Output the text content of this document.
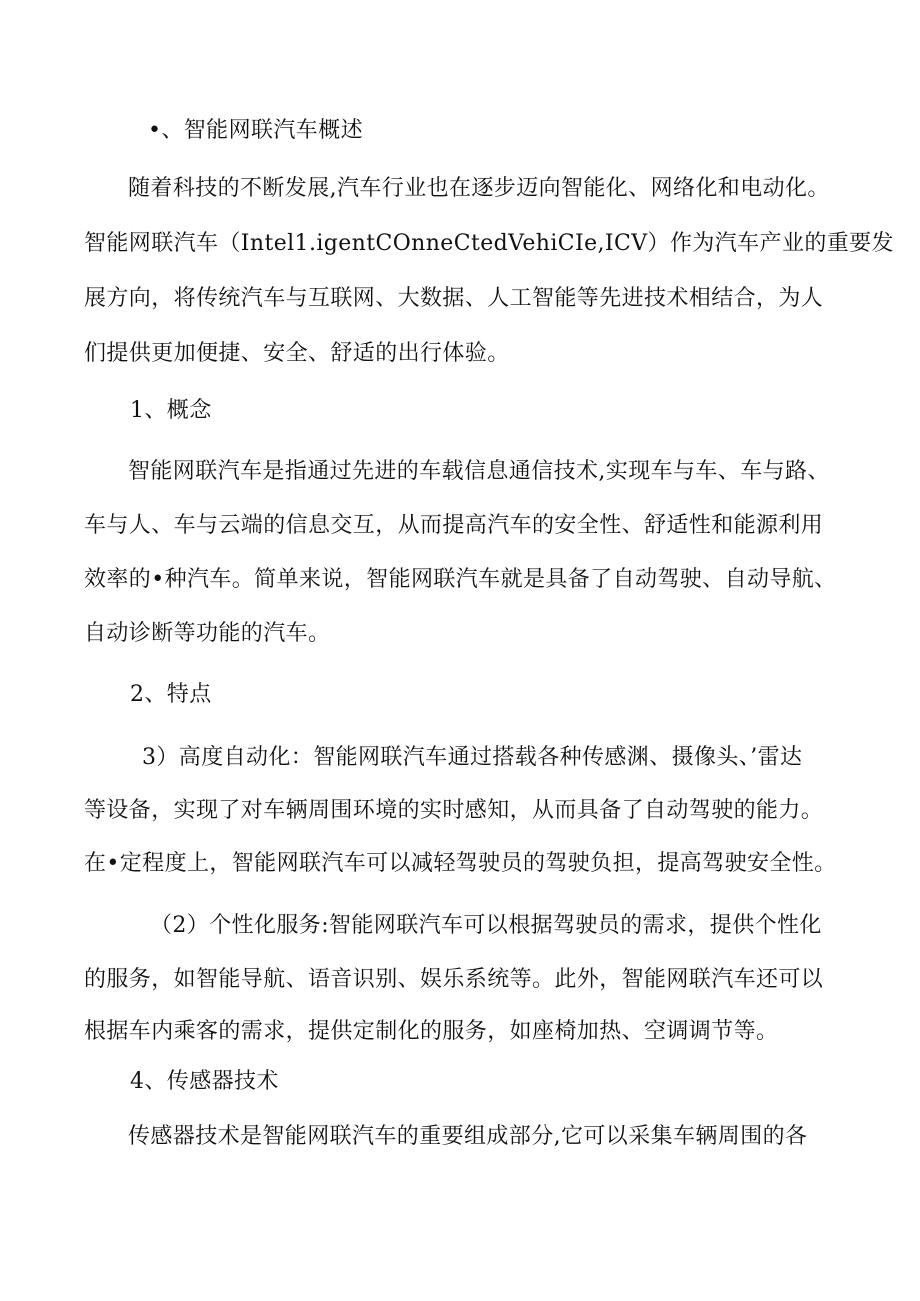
•、智能网联汽车概述
随着科技的不断发展,汽车行业也在逐步迈向智能化、网络化和电动化。
智能网联汽车（Intel1.igentCOnneCtedVehiCIe,ICV）作为汽车产业的重要发
展方向，将传统汽车与互联网、大数据、人工智能等先进技术相结合，为人
们提供更加便捷、安全、舒适的出行体验。
1、概念
智能网联汽车是指通过先进的车载信息通信技术,实现车与车、车与路、
车与人、车与云端的信息交互，从而提高汽车的安全性、舒适性和能源利用
效率的•种汽车。简单来说，智能网联汽车就是具备了自动驾驶、自动导航、
自动诊断等功能的汽车。
2、特点
3）高度自动化：智能网联汽车通过搭载各种传感渊、摄像头、’雷达
等设备，实现了对车辆周围环境的实时感知，从而具备了自动驾驶的能力。
在•定程度上，智能网联汽车可以减轻驾驶员的驾驶负担，提高驾驶安全性。
（2）个性化服务:智能网联汽车可以根据驾驶员的需求，提供个性化
的服务，如智能导航、语音识别、娱乐系统等。此外，智能网联汽车还可以
根据车内乘客的需求，提供定制化的服务，如座椅加热、空调调节等。
4、传感器技术
传感器技术是智能网联汽车的重要组成部分,它可以采集车辆周围的各
